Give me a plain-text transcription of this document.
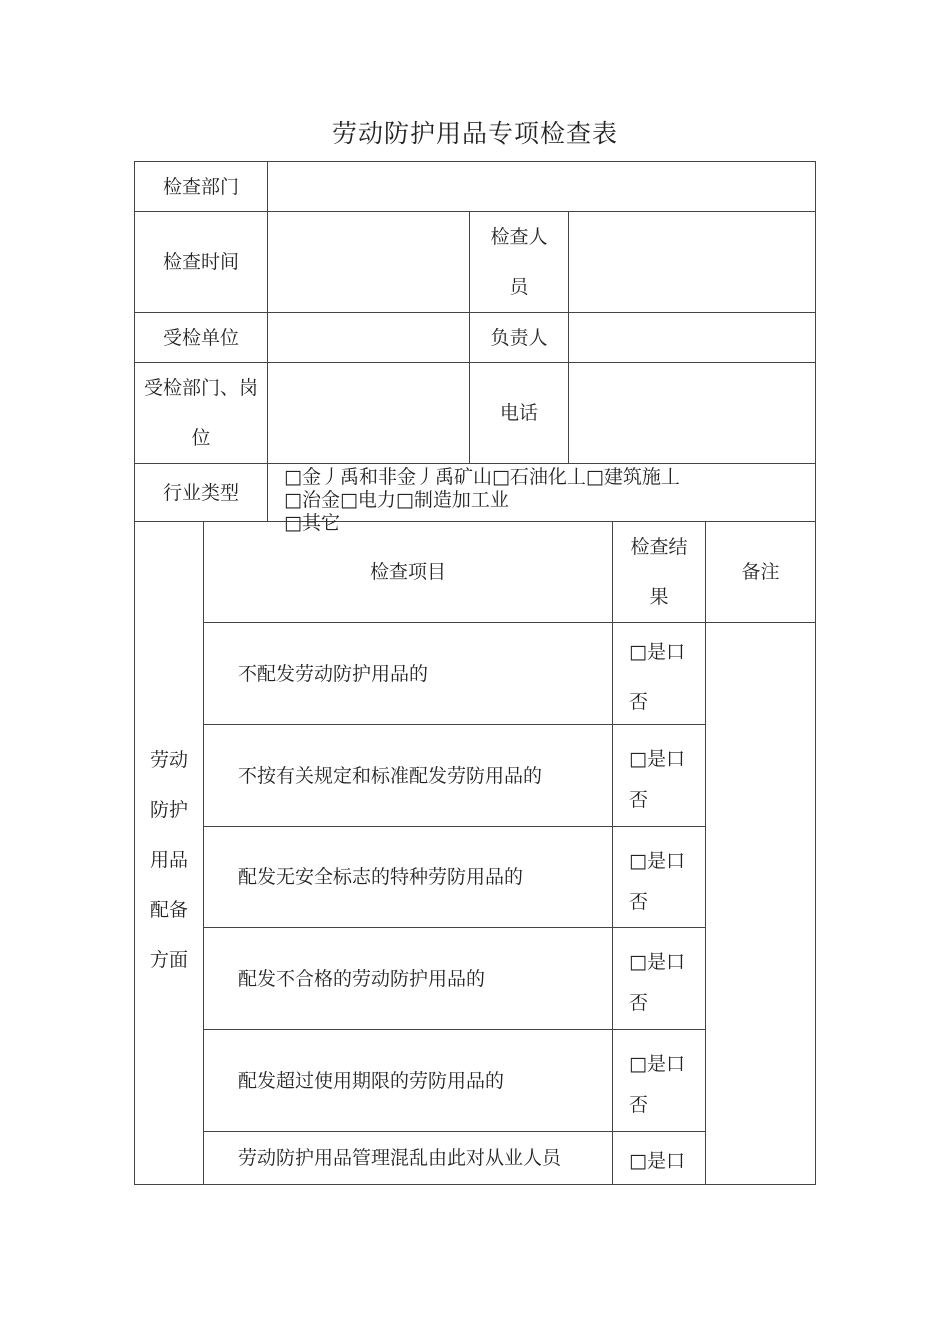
劳动防护用品专项检查表
检查部门
检查时间
检查人
员
受检单位	负责人
受检部门、岗
位
电话
行业类型
□金丿禹和非金丿禹矿山□石油化丄□建筑施丄
□治金□电力□制造加工业
□其它
劳动
防护
用品
配备
方面
检查项目
检查结
果
备注
不配发劳动防护用品的
□是口
否
不按有关规定和标准配发劳防用品的
□是口
否
配发无安全标志的特种劳防用品的
□是口
否
配发不合格的劳动防护用品的
□是口
否
配发超过使用期限的劳防用品的
□是口
否
劳动防护用品管理混乱由此对从业人员	□是口
